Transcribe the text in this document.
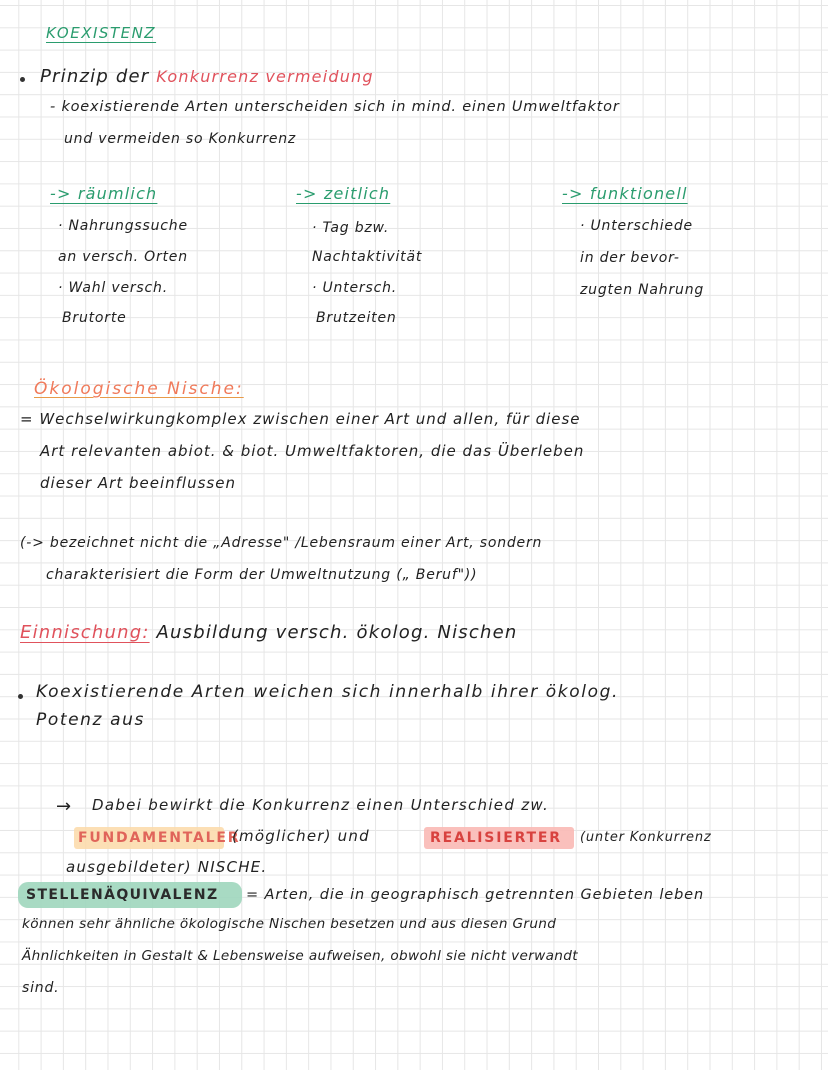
KOEXISTENZ
Prinzip der Konkurrenz vermeidung
- koexistierende Arten unterscheiden sich in mind. einen Umweltfaktor
und vermeiden so Konkurrenz
-> räumlich
· Nahrungssuche
an versch. Orten
· Wahl versch.
Brutorte
-> zeitlich
· Tag bzw.
Nachtaktivität
· Untersch.
Brutzeiten
-> funktionell
· Unterschiede
in der bevor-
zugten Nahrung
Ökologische Nische:
= Wechselwirkungkomplex zwischen einer Art und allen, für diese
Art relevanten abiot. & biot. Umweltfaktoren, die das Überleben
dieser Art beeinflussen
(-> bezeichnet nicht die „Adresse" /Lebensraum einer Art, sondern
charakterisiert die Form der Umweltnutzung („ Beruf"))
Einnischung: Ausbildung versch. ökolog. Nischen
Koexistierende Arten weichen sich innerhalb ihrer ökolog.
Potenz aus
→ Dabei bewirkt die Konkurrenz einen Unterschied zw.
FUNDAMENTALER
(möglicher) und	REALISIERTER (unter Konkurrenz
ausgebildeter) NISCHE.
STELLENÄQUIVALENZ = Arten, die in geographisch getrennten Gebieten leben
können sehr ähnliche ökologische Nischen besetzen und aus diesen Grund
Ähnlichkeiten in Gestalt & Lebensweise aufweisen, obwohl sie nicht verwandt
sind.
